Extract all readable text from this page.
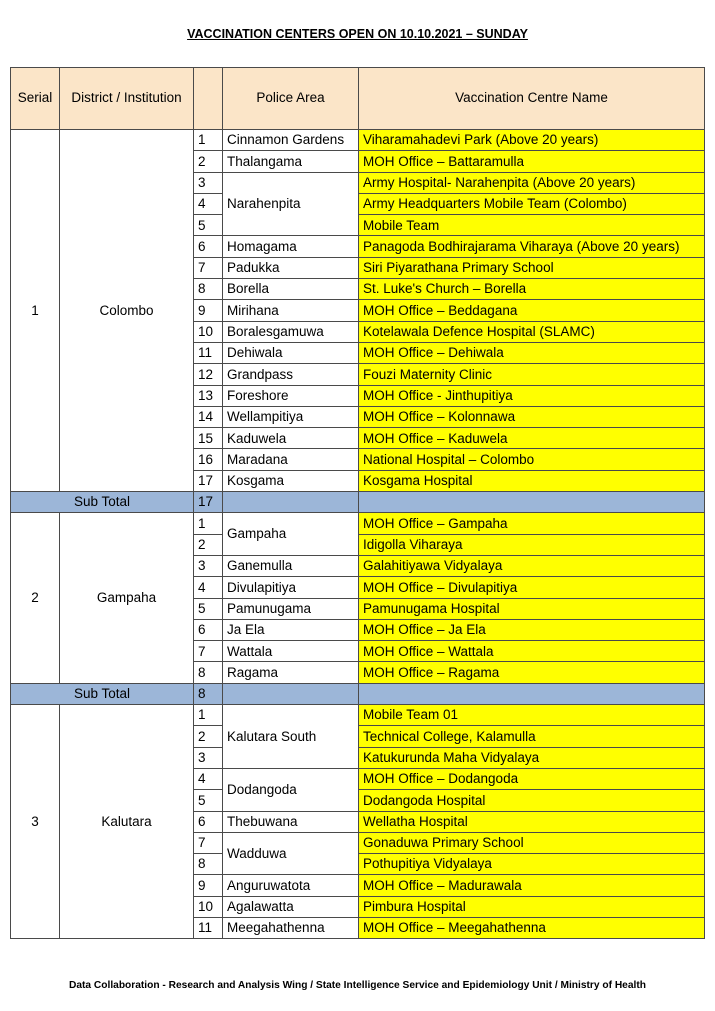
VACCINATION CENTERS OPEN ON 10.10.2021 – SUNDAY
Serial	District / Institution		Police Area	Vaccination Centre Name
1	Colombo	1	Cinnamon Gardens	Viharamahadevi Park (Above 20 years)
		2	Thalangama	MOH Office – Battaramulla
		3	Narahenpita	Army Hospital- Narahenpita (Above 20 years)
		4		Army Headquarters Mobile Team (Colombo)
		5		Mobile Team
		6	Homagama	Panagoda Bodhirajarama Viharaya (Above 20 years)
		7	Padukka	Siri Piyarathana Primary School
		8	Borella	St. Luke's Church – Borella
		9	Mirihana	MOH Office – Beddagana
		10	Boralesgamuwa	Kotelawala Defence Hospital (SLAMC)
		11	Dehiwala	MOH Office – Dehiwala
		12	Grandpass	Fouzi Maternity Clinic
		13	Foreshore	MOH Office - Jinthupitiya
		14	Wellampitiya	MOH Office – Kolonnawa
		15	Kaduwela	MOH Office – Kaduwela
		16	Maradana	National Hospital – Colombo
		17	Kosgama	Kosgama Hospital
Sub Total		17		
2	Gampaha	1	Gampaha	MOH Office – Gampaha
		2		Idigolla Viharaya
		3	Ganemulla	Galahitiyawa Vidyalaya
		4	Divulapitiya	MOH Office – Divulapitiya
		5	Pamunugama	Pamunugama Hospital
		6	Ja Ela	MOH Office – Ja Ela
		7	Wattala	MOH Office – Wattala
		8	Ragama	MOH Office – Ragama
Sub Total		8		
3	Kalutara	1	Kalutara South	Mobile Team 01
		2		Technical College, Kalamulla
		3		Katukurunda Maha Vidyalaya
		4	Dodangoda	MOH Office – Dodangoda
		5		Dodangoda Hospital
		6	Thebuwana	Wellatha Hospital
		7	Wadduwa	Gonaduwa Primary School
		8		Pothupitiya Vidyalaya
		9	Anguruwatota	MOH Office – Madurawala
		10	Agalawatta	Pimbura Hospital
		11	Meegahathenna	MOH Office – Meegahathenna
Data Collaboration - Research and Analysis Wing / State Intelligence Service and Epidemiology Unit / Ministry of Health
